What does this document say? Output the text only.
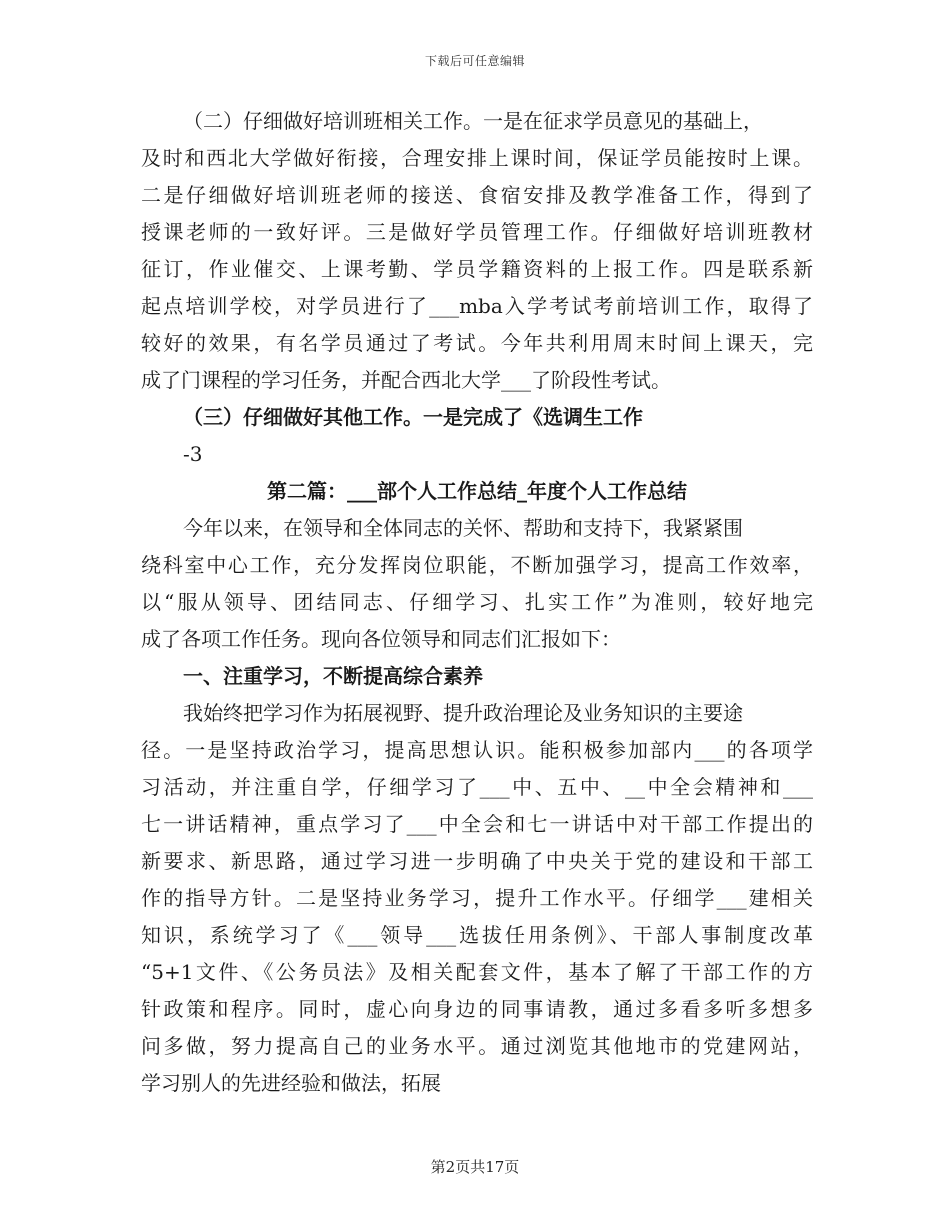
下载后可任意编辑
（二）仔细做好培训班相关工作。一是在征求学员意见的基础上，
及时和西北大学做好衔接，合理安排上课时间，保证学员能按时上课。
二是仔细做好培训班老师的接送、食宿安排及教学准备工作，得到了
授课老师的一致好评。三是做好学员管理工作。仔细做好培训班教材
征订，作业催交、上课考勤、学员学籍资料的上报工作。四是联系新
起点培训学校，对学员进行了___mba入学考试考前培训工作，取得了
较好的效果，有名学员通过了考试。今年共利用周末时间上课天，完
成了门课程的学习任务，并配合西北大学___了阶段性考试。
（三）仔细做好其他工作。一是完成了《选调生工作
-3
第二篇：___部个人工作总结_年度个人工作总结
今年以来，在领导和全体同志的关怀、帮助和支持下，我紧紧围
绕科室中心工作，充分发挥岗位职能，不断加强学习，提高工作效率，
以“服从领导、团结同志、仔细学习、扎实工作”为准则，较好地完
成了各项工作任务。现向各位领导和同志们汇报如下：
一、注重学习，不断提高综合素养
我始终把学习作为拓展视野、提升政治理论及业务知识的主要途
径。一是坚持政治学习，提高思想认识。能积极参加部内___的各项学
习活动，并注重自学，仔细学习了___中、五中、__中全会精神和___
七一讲话精神，重点学习了___中全会和七一讲话中对干部工作提出的
新要求、新思路，通过学习进一步明确了中央关于党的建设和干部工
作的指导方针。二是坚持业务学习，提升工作水平。仔细学___建相关
知识，系统学习了《___领导___选拔任用条例》、干部人事制度改革
“5+1文件、《公务员法》及相关配套文件，基本了解了干部工作的方
针政策和程序。同时，虚心向身边的同事请教，通过多看多听多想多
问多做，努力提高自己的业务水平。通过浏览其他地市的党建网站，
学习别人的先进经验和做法，拓展
第2页共17页
